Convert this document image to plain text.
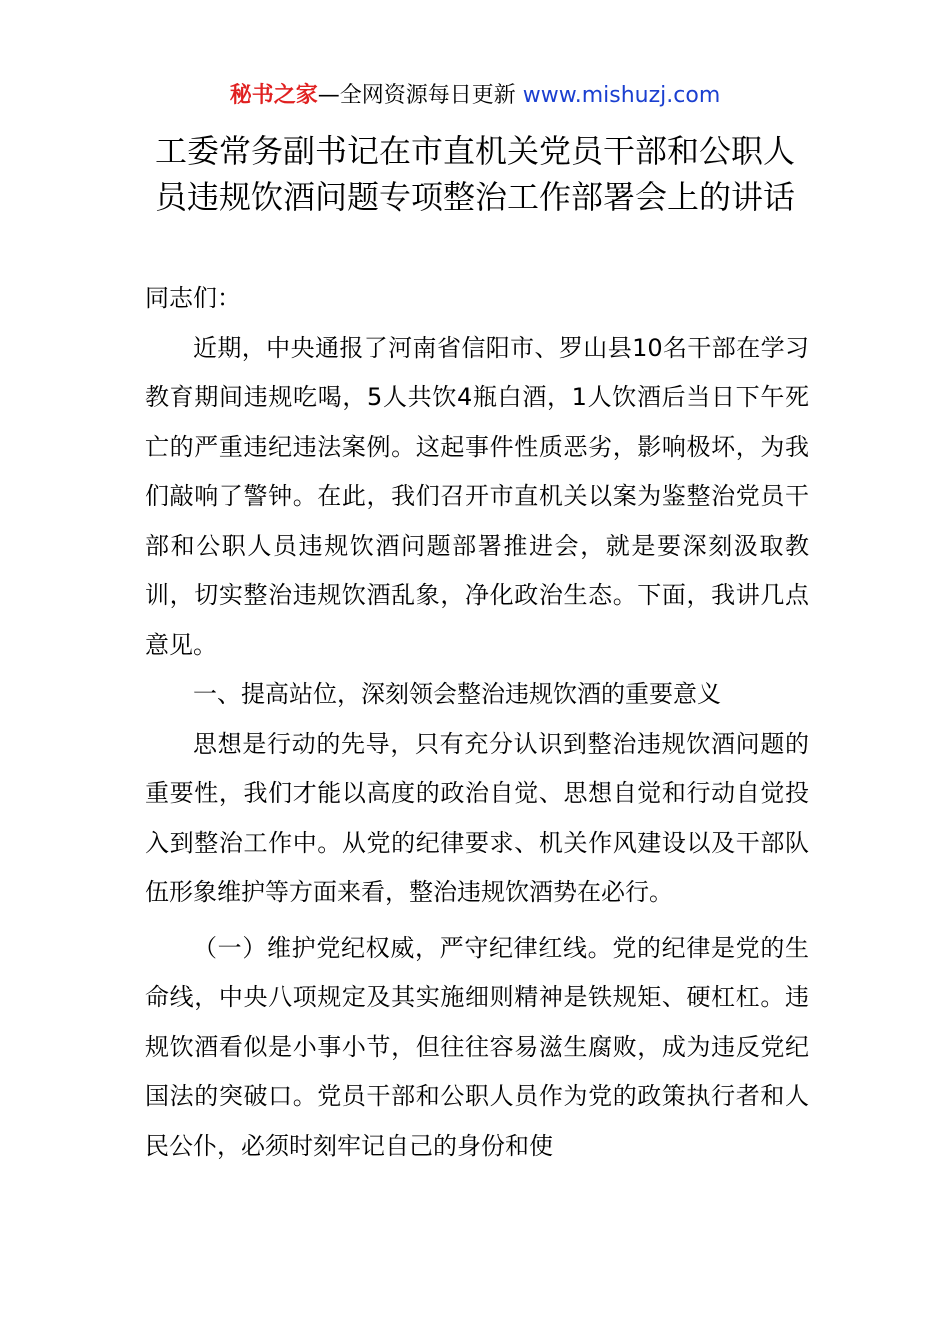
秘书之家—全网资源每日更新 www.mishuzj.com
工委常务副书记在市直机关党员干部和公职人
员违规饮酒问题专项整治工作部署会上的讲话

同志们：

近期，中央通报了河南省信阳市、罗山县10名干部在学习教育期间违规吃喝，5人共饮4瓶白酒，1人饮酒后当日下午死亡的严重违纪违法案例。这起事件性质恶劣，影响极坏，为我们敲响了警钟。在此，我们召开市直机关以案为鉴整治党员干部和公职人员违规饮酒问题部署推进会，就是要深刻汲取教训，切实整治违规饮酒乱象，净化政治生态。下面，我讲几点意见。

一、提高站位，深刻领会整治违规饮酒的重要意义

思想是行动的先导，只有充分认识到整治违规饮酒问题的重要性，我们才能以高度的政治自觉、思想自觉和行动自觉投入到整治工作中。从党的纪律要求、机关作风建设以及干部队伍形象维护等方面来看，整治违规饮酒势在必行。

（一）维护党纪权威，严守纪律红线。党的纪律是党的生命线，中央八项规定及其实施细则精神是铁规矩、硬杠杠。违规饮酒看似是小事小节，但往往容易滋生腐败，成为违反党纪国法的突破口。党员干部和公职人员作为党的政策执行者和人民公仆，必须时刻牢记自己的身份和使
